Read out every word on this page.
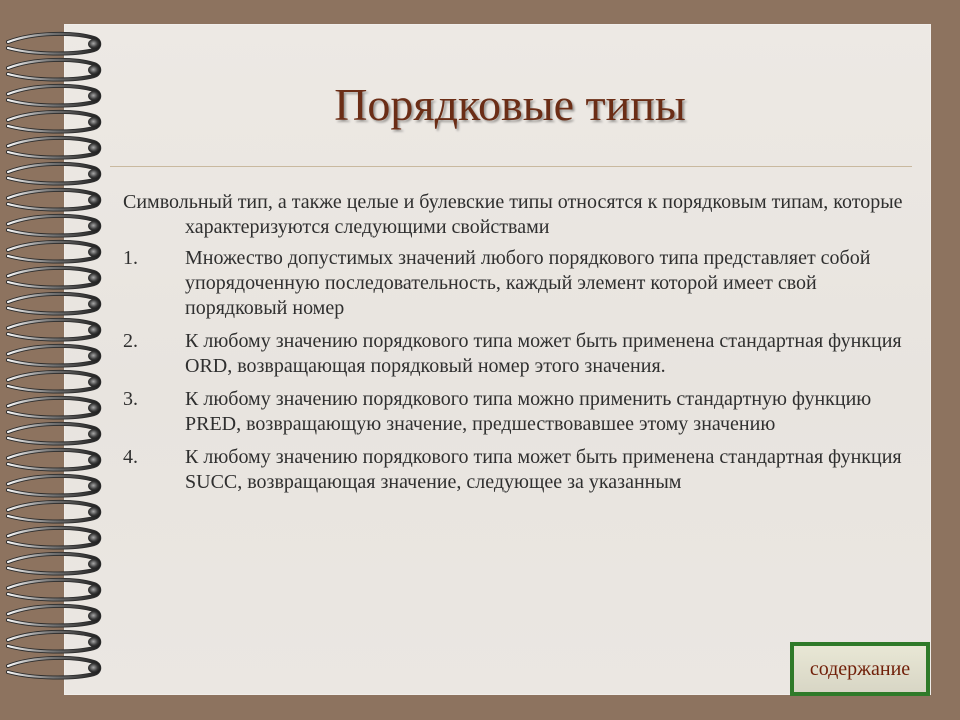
Порядковые типы
Символьный тип, а также целые и булевские типы относятся к порядковым типам, которые характеризуются следующими свойствами
1.	Множество допустимых значений любого порядкового типа представляет собой упорядоченную последовательность, каждый элемент которой имеет свой порядковый номер
2.	К любому значению порядкового типа может быть применена стандартная функция ORD, возвращающая порядковый номер этого значения.
3.	К любому значению порядкового типа можно применить стандартную функцию PRED, возвращающую значение, предшествовавшее этому значению
4.	К любому значению порядкового типа может быть применена стандартная функция SUCC, возвращающая значение, следующее за указанным
содержание
